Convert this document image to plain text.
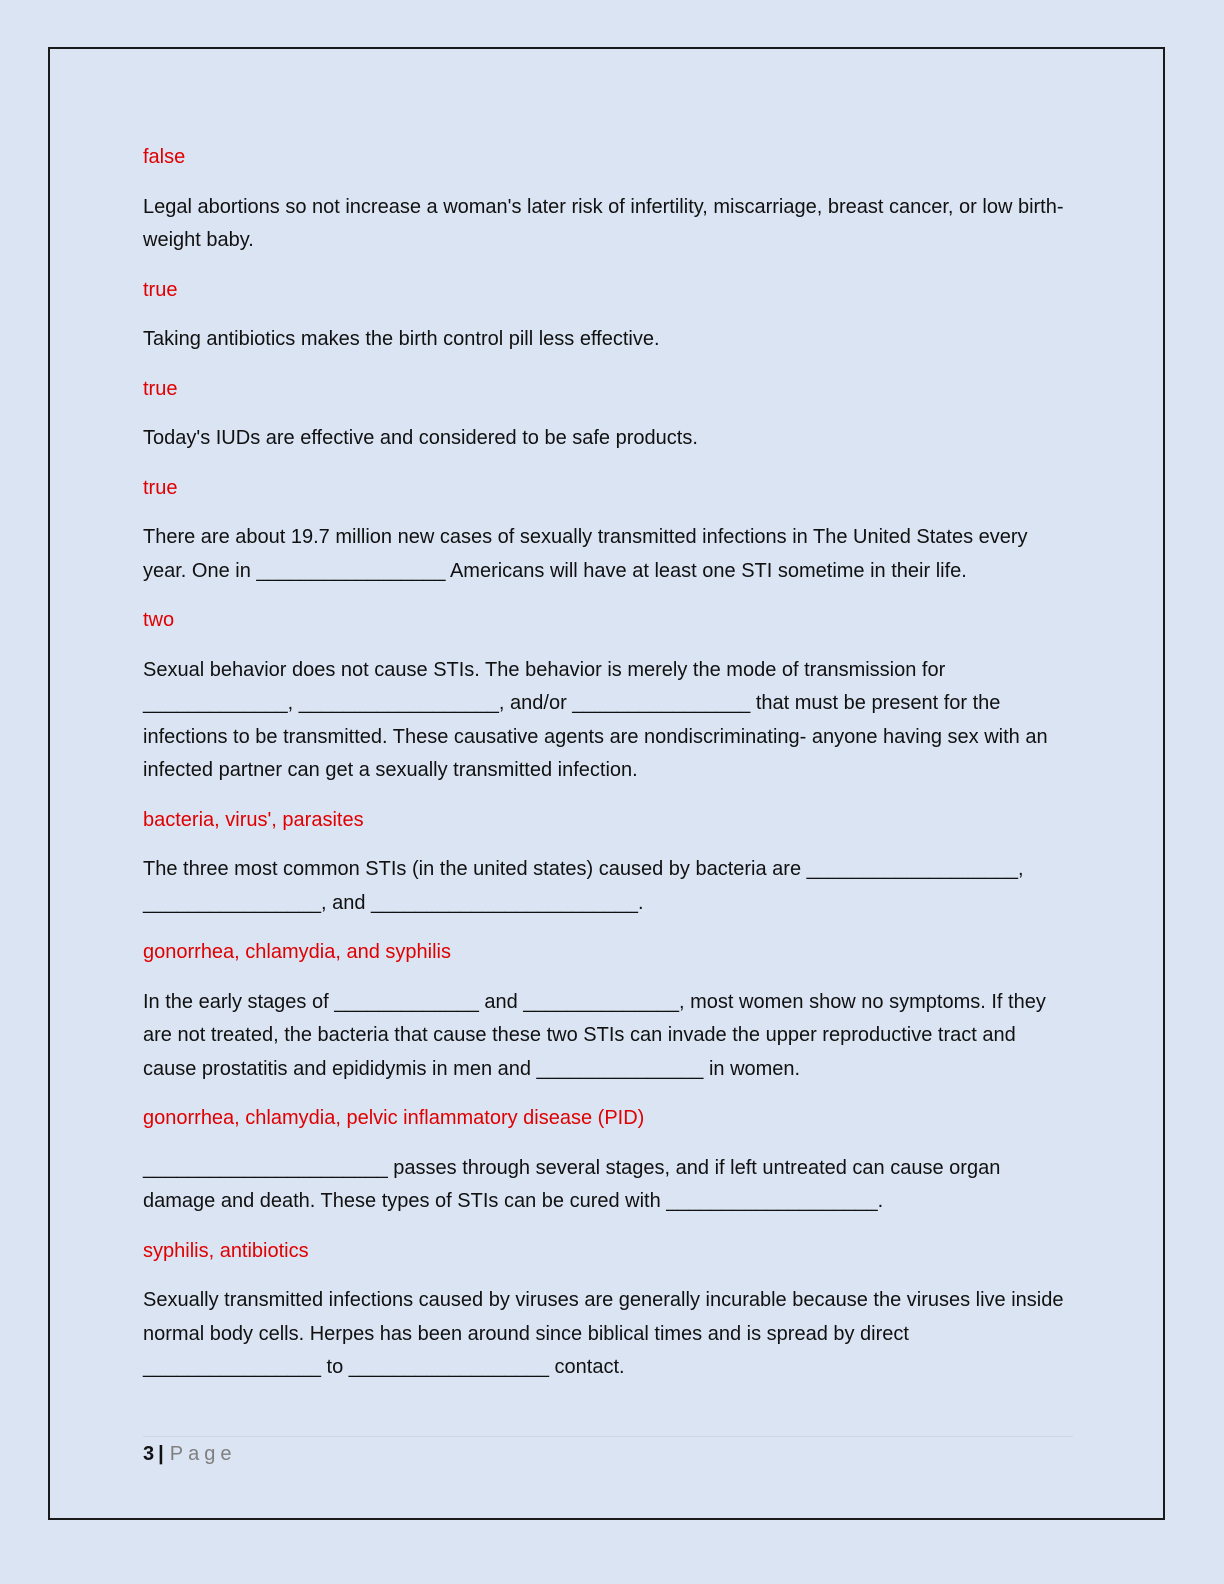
false

Legal abortions so not increase a woman's later risk of infertility, miscarriage, breast cancer, or low birth-weight baby.

true

Taking antibiotics makes the birth control pill less effective.

true

Today's IUDs are effective and considered to be safe products.

true

There are about 19.7 million new cases of sexually transmitted infections in The United States every year. One in _________________ Americans will have at least one STI sometime in their life.

two

Sexual behavior does not cause STIs. The behavior is merely the mode of transmission for _____________, __________________, and/or ________________ that must be present for the infections to be transmitted. These causative agents are nondiscriminating- anyone having sex with an infected partner can get a sexually transmitted infection.

bacteria, virus', parasites

The three most common STIs (in the united states) caused by bacteria are ___________________, ________________, and ________________________.

gonorrhea, chlamydia, and syphilis

In the early stages of _____________ and ______________, most women show no symptoms. If they are not treated, the bacteria that cause these two STIs can invade the upper reproductive tract and cause prostatitis and epididymis in men and _______________ in women.

gonorrhea, chlamydia, pelvic inflammatory disease (PID)

______________________ passes through several stages, and if left untreated can cause organ damage and death. These types of STIs can be cured with ___________________.

syphilis, antibiotics

Sexually transmitted infections caused by viruses are generally incurable because the viruses live inside normal body cells. Herpes has been around since biblical times and is spread by direct ________________ to __________________ contact.

3 | Page
